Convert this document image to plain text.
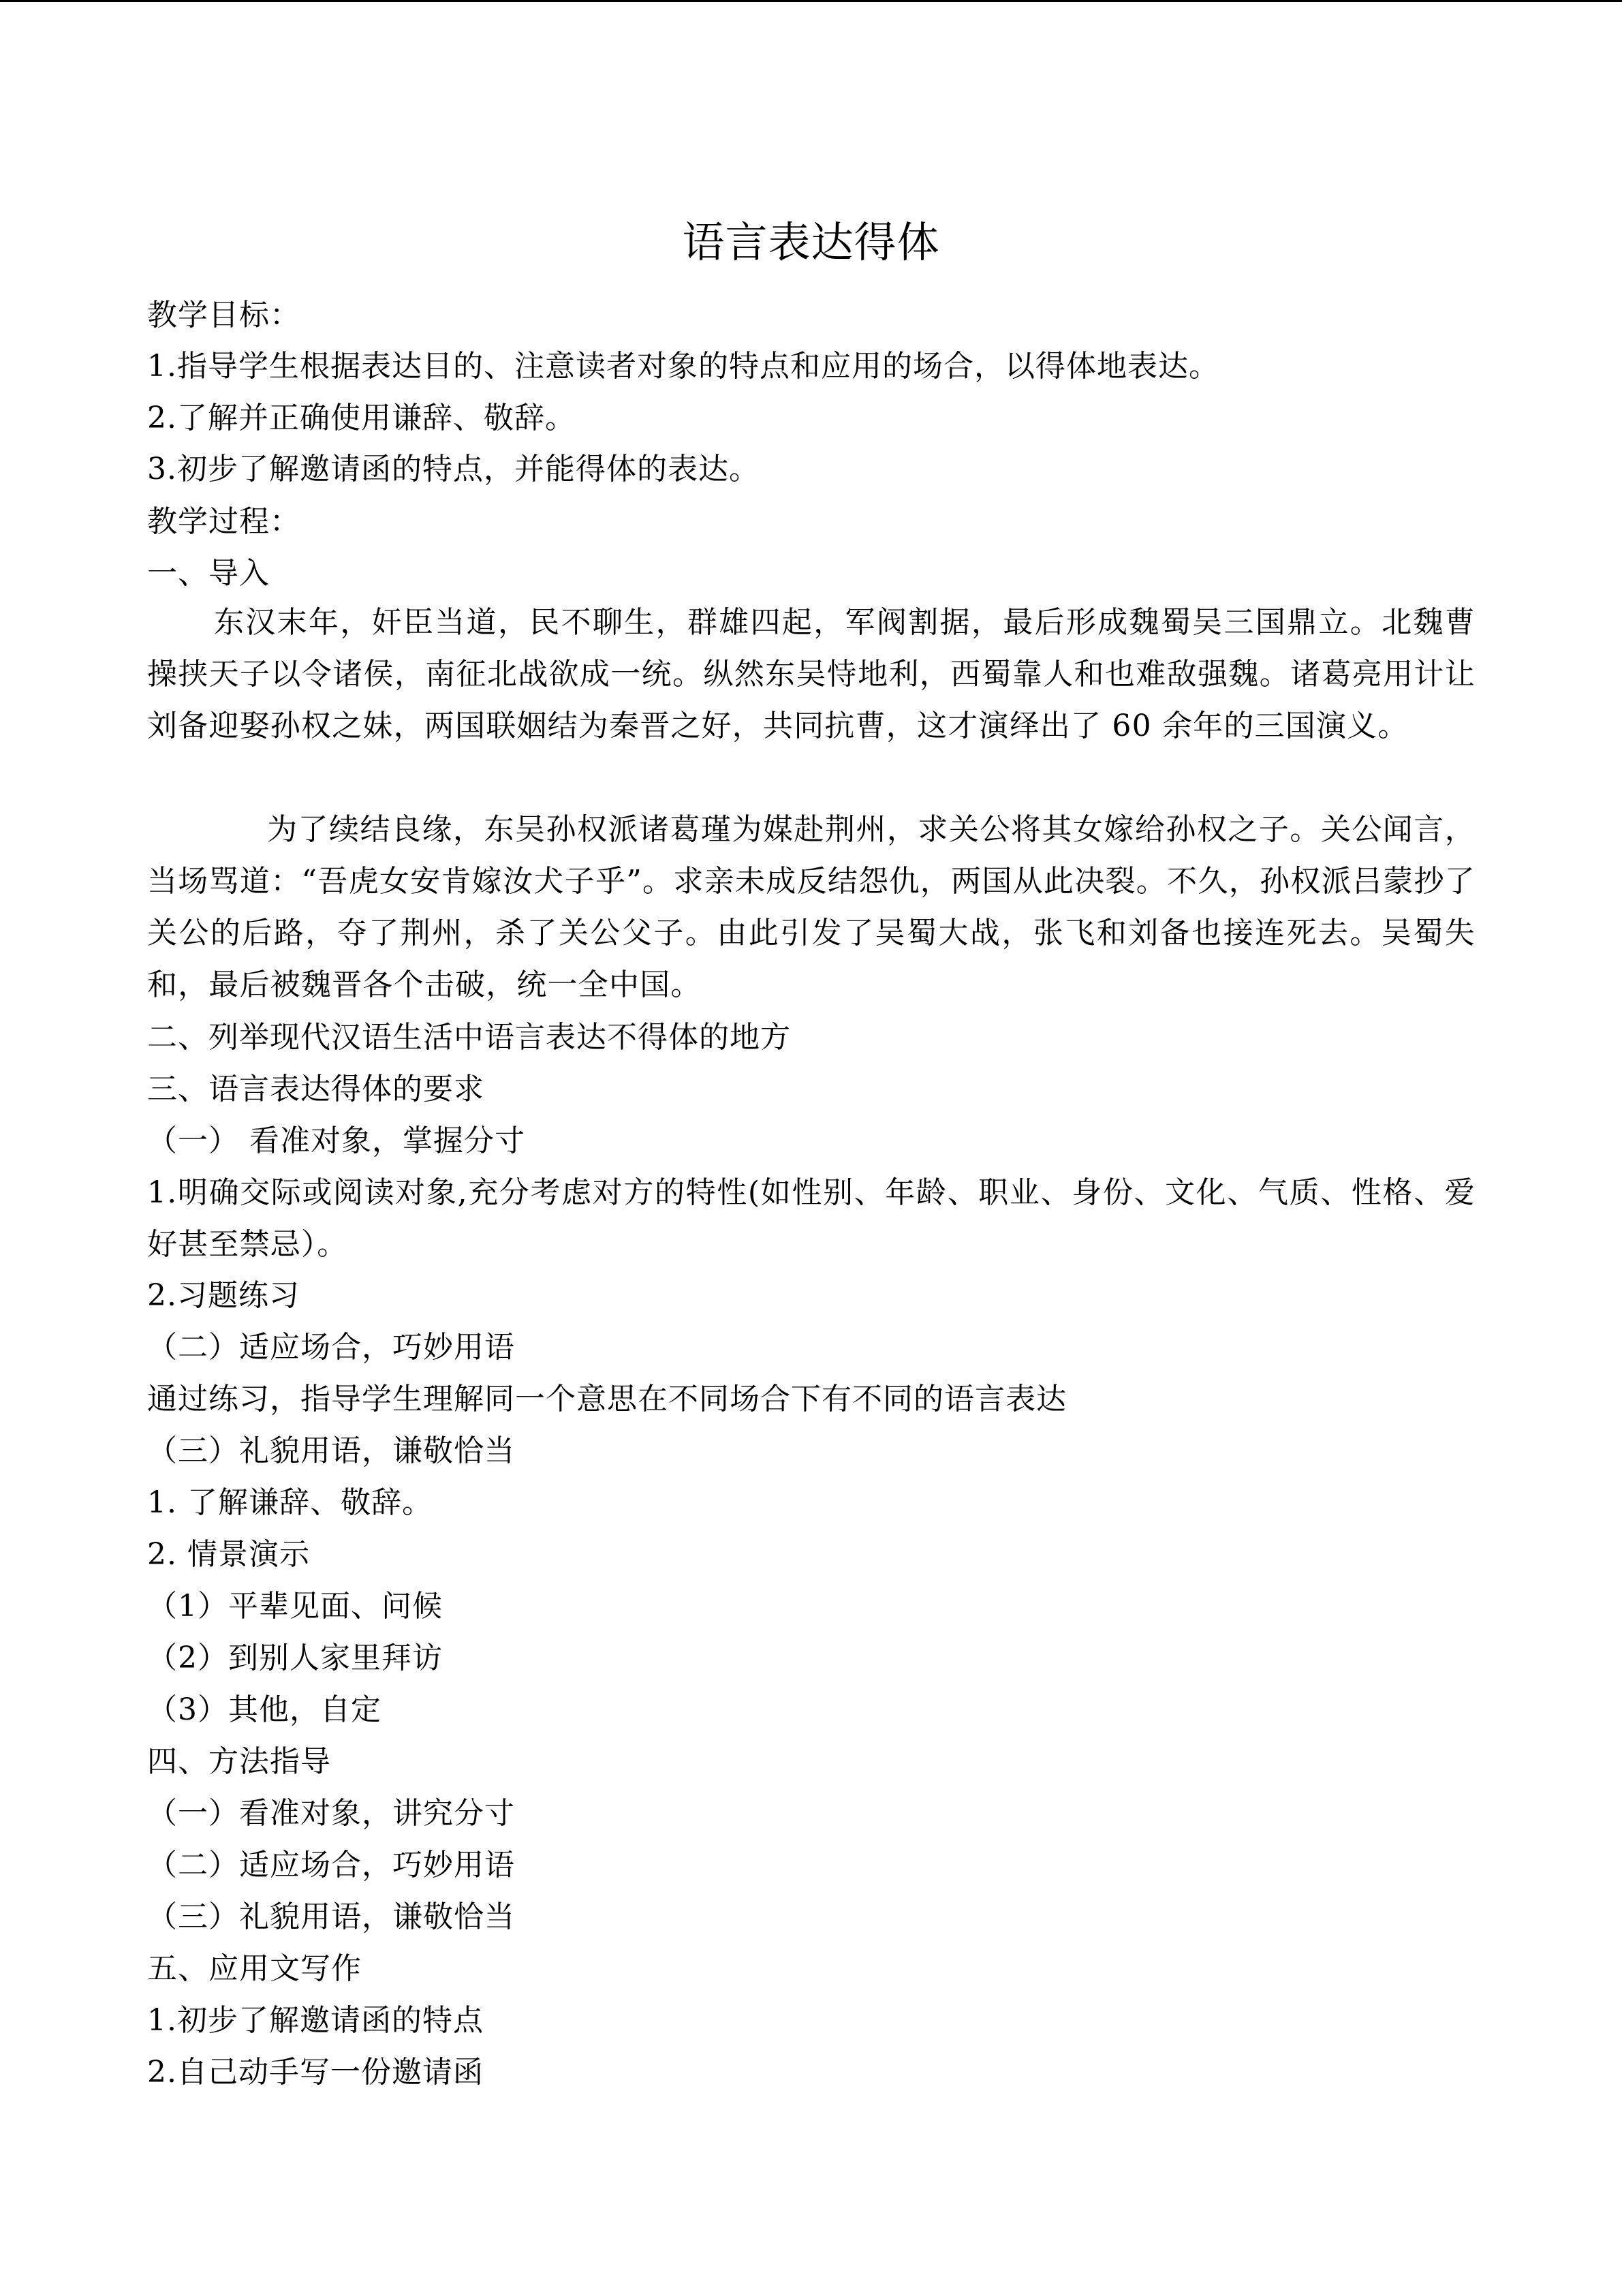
语言表达得体
教学目标：
1.指导学生根据表达目的、注意读者对象的特点和应用的场合，以得体地表达。
2.了解并正确使用谦辞、敬辞。
3.初步了解邀请函的特点，并能得体的表达。
教学过程：
一、导入
东汉末年，奸臣当道，民不聊生，群雄四起，军阀割据，最后形成魏蜀吴三国鼎立。北魏曹操挟天子以令诸侯，南征北战欲成一统。纵然东吴恃地利，西蜀靠人和也难敌强魏。诸葛亮用计让刘备迎娶孙权之妹，两国联姻结为秦晋之好，共同抗曹，这才演绎出了 60 余年的三国演义。
为了续结良缘，东吴孙权派诸葛瑾为媒赴荆州，求关公将其女嫁给孙权之子。关公闻言，当场骂道：“吾虎女安肯嫁汝犬子乎”。求亲未成反结怨仇，两国从此决裂。不久，孙权派吕蒙抄了关公的后路，夺了荆州，杀了关公父子。由此引发了吴蜀大战，张飞和刘备也接连死去。吴蜀失和，最后被魏晋各个击破，统一全中国。
二、列举现代汉语生活中语言表达不得体的地方
三、语言表达得体的要求
（一） 看准对象，掌握分寸
1.明确交际或阅读对象,充分考虑对方的特性(如性别、年龄、职业、身份、文化、气质、性格、爱好甚至禁忌）。
2.习题练习
（二）适应场合，巧妙用语
通过练习，指导学生理解同一个意思在不同场合下有不同的语言表达
（三）礼貌用语，谦敬恰当
1. 了解谦辞、敬辞。
2. 情景演示
（1）平辈见面、问候
（2）到别人家里拜访
（3）其他，自定
四、方法指导
（一）看准对象，讲究分寸
（二）适应场合，巧妙用语
（三）礼貌用语，谦敬恰当
五、应用文写作
1.初步了解邀请函的特点
2.自己动手写一份邀请函
